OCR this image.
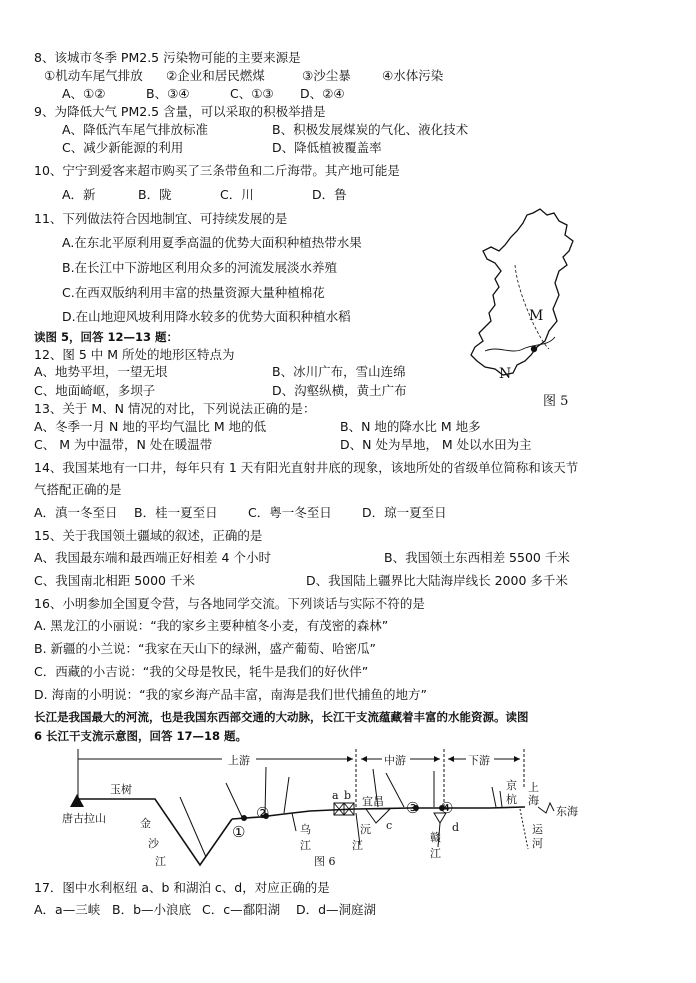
8、该城市冬季 PM2.5 污染物可能的主要来源是
①机动车尾气排放 ②企业和居民燃煤	③沙尘暴	④水体污染
A、①②	B、③④	C、①③ D、②④
9、为降低大气 PM2.5 含量，可以采取的积极举措是
A、降低汽车尾气排放标准	B、积极发展煤炭的气化、液化技术
C、减少新能源的利用	D、降低植被覆盖率
10、宁宁到爱客来超市购买了三条带鱼和二斤海带。其产地可能是
A．新	B．陇	C．川	D．鲁
11、下列做法符合因地制宜、可持续发展的是
A.在东北平原利用夏季高温的优势大面积种植热带水果
B.在长江中下游地区利用众多的河流发展淡水养殖
C.在西双版纳利用丰富的热量资源大量种植棉花
D.在山地迎风坡利用降水较多的优势大面积种植水稻
读图 5，回答 12—13 题：
M
N
图 5
12、图 5 中 M 所处的地形区特点为
A、地势平坦，一望无垠	B、冰川广布，雪山连绵
C、地面崎岖，多坝子	D、沟壑纵横，黄土广布
13、关于 M、N 情况的对比，下列说法正确的是：
A、冬季一月 N 地的平均气温比 M 地的低	B、N 地的降水比 M 地多
C、 M 为中温带，N 处在暖温带	D、N 处为旱地， M 处以水田为主
14、我国某地有一口井，每年只有 1 天有阳光直射井底的现象，该地所处的省级单位简称和该天节
气搭配正确的是
A．滇一冬至日 B．桂一夏至日 C．粤一冬至日 D．琼一夏至日
15、关于我国领土疆域的叙述，正确的是
A、我国最东端和最西端正好相差 4 个小时	B、我国领土东西相差 5500 千米
C、我国南北相距 5000 千米	D、我国陆上疆界比大陆海岸线长 2000 多千米
16、小明参加全国夏令营，与各地同学交流。下列谈话与实际不符的是
A. 黑龙江的小丽说：“我的家乡主要种植冬小麦，有茂密的森林”
B. 新疆的小兰说：“我家在天山下的绿洲，盛产葡萄、哈密瓜”
C．西藏的小吉说：“我的父母是牧民，牦牛是我们的好伙伴”
D. 海南的小明说：“我的家乡海产品丰富，南海是我们世代捕鱼的地方”
长江是我国最大的河流，也是我国东西部交通的大动脉，长江干支流蕴藏着丰富的水能资源。读图
6 长江干支流示意图，回答 17—18 题。
上游	中游	下游
唐古拉山
玉树
金
沙
江
①
②
乌
江
a b 宜昌
沅
江
c
③ ④
d
赣
江
京
杭
运
河
上
海
东海
图 6
17．图中水利枢纽 a、b 和湖泊 c、d，对应正确的是
A．a—三峡 B．b—小浪底 C．c—鄱阳湖 D．d—洞庭湖
